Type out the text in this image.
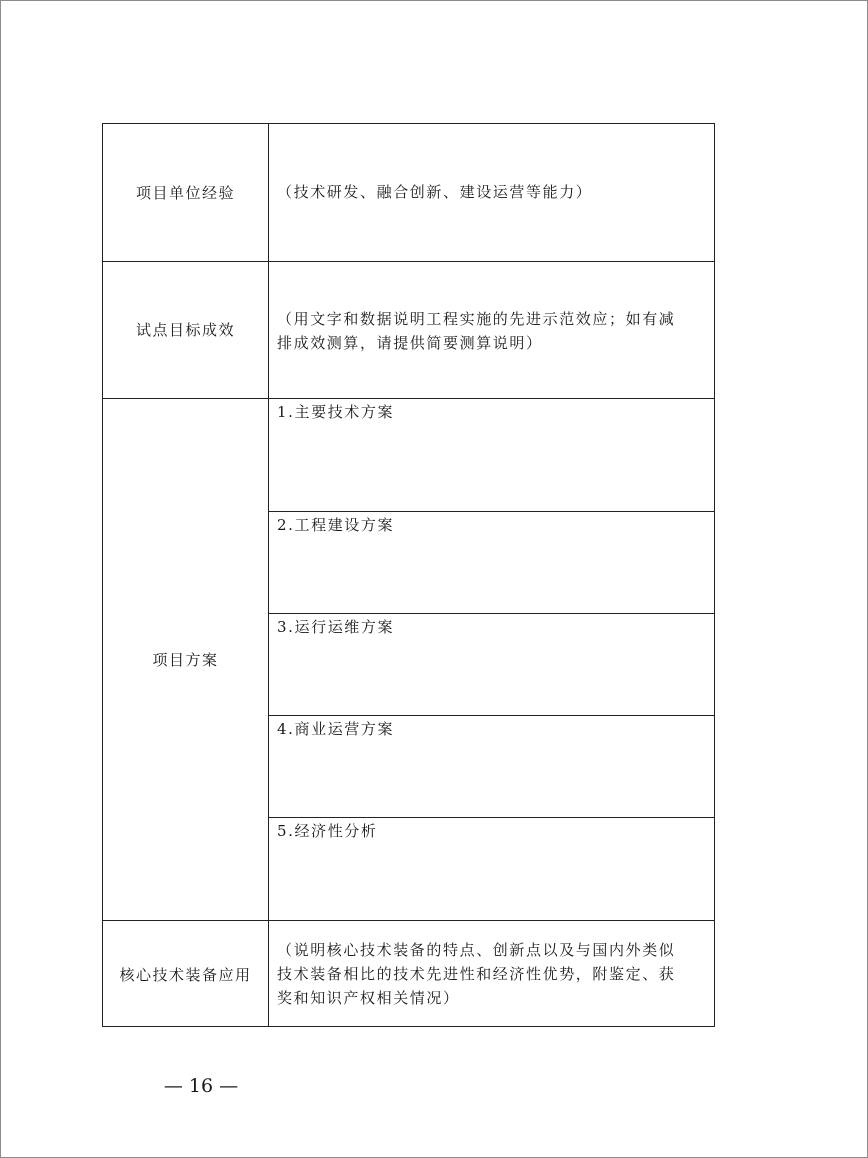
项目单位经验	（技术研发、融合创新、建设运营等能力）
试点目标成效
（用文字和数据说明工程实施的先进示范效应；如有减
排成效测算，请提供简要测算说明）
项目方案
1.主要技术方案
2.工程建设方案
3.运行运维方案
4.商业运营方案
5.经济性分析
核心技术装备应用
（说明核心技术装备的特点、创新点以及与国内外类似
技术装备相比的技术先进性和经济性优势，附鉴定、获
奖和知识产权相关情况）
— 16 —
